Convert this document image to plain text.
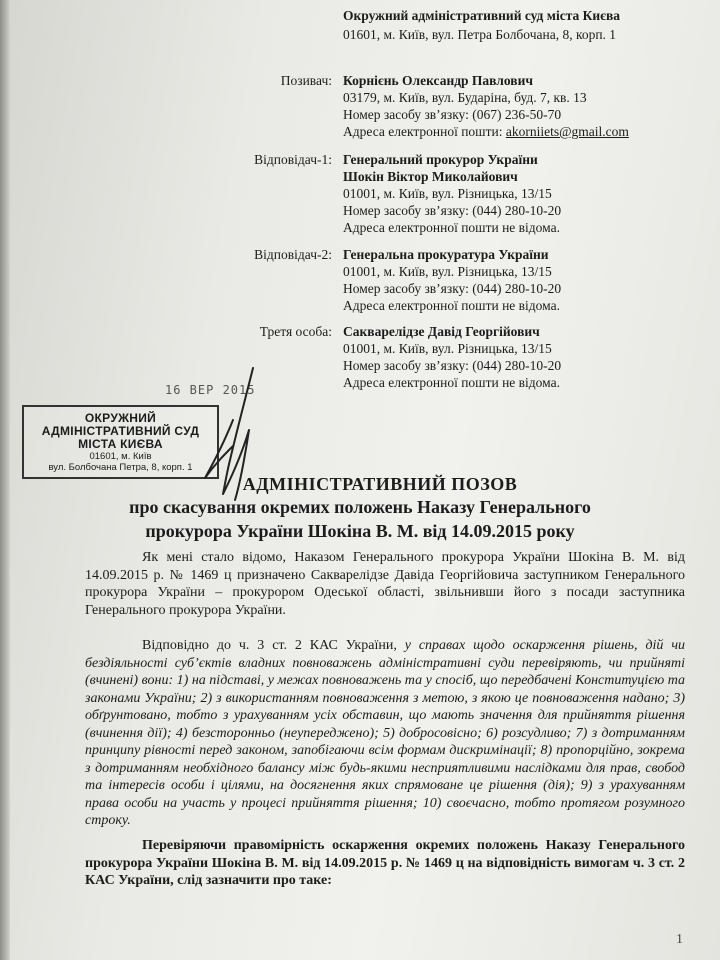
Окружний адміністративний суд міста Києва
01601, м. Київ, вул. Петра Болбочана, 8, корп. 1
Позивач: Корнієнь Олександр Павлович
03179, м. Київ, вул. Бударіна, буд. 7, кв. 13
Номер засобу зв’язку: (067) 236-50-70
Адреса електронної пошти: akorniiets@gmail.com
Відповідач-1: Генеральний прокурор України
Шокін Віктор Миколайович
01001, м. Київ, вул. Різницька, 13/15
Номер засобу зв’язку: (044) 280-10-20
Адреса електронної пошти не відома.
Відповідач-2: Генеральна прокуратура України
01001, м. Київ, вул. Різницька, 13/15
Номер засобу зв’язку: (044) 280-10-20
Адреса електронної пошти не відома.
Третя особа: Сакварелідзе Давід Георгійович
01001, м. Київ, вул. Різницька, 13/15
Номер засобу зв’язку: (044) 280-10-20
Адреса електронної пошти не відома.
16 ВЕР 2015
ОКРУЖНИЙ
АДМІНІСТРАТИВНИЙ СУД
МІСТА КИЄВА
01601, м. Київ
вул. Болбочана Петра, 8, корп. 1
АДМІНІСТРАТИВНИЙ ПОЗОВ
про скасування окремих положень Наказу Генерального
прокурора України Шокіна В. М. від 14.09.2015 року
Як мені стало відомо, Наказом Генерального прокурора України Шокіна В. М. від 14.09.2015 р. № 1469 ц призначено Сакварелідзе Давіда Георгійовича заступником Генерального прокурора України – прокурором Одеської області, звільнивши його з посади заступника Генерального прокурора України.
Відповідно до ч. 3 ст. 2 КАС України, у справах щодо оскарження рішень, дій чи бездіяльності суб’єктів владних повноважень адміністративні суди перевіряють, чи прийняті (вчинені) вони: 1) на підставі, у межах повноважень та у спосіб, що передбачені Конституцією та законами України; 2) з використанням повноваження з метою, з якою це повноваження надано; 3) обґрунтовано, тобто з урахуванням усіх обставин, що мають значення для прийняття рішення (вчинення дії); 4) безсторонньо (неупереджено); 5) добросовісно; 6) розсудливо; 7) з дотриманням принципу рівності перед законом, запобігаючи всім формам дискримінації; 8) пропорційно, зокрема з дотриманням необхідного балансу між будь-якими несприятливими наслідками для прав, свобод та інтересів особи і цілями, на досягнення яких спрямоване це рішення (дія); 9) з урахуванням права особи на участь у процесі прийняття рішення; 10) своєчасно, тобто протягом розумного строку.
Перевіряючи правомірність оскарження окремих положень Наказу Генерального прокурора України Шокіна В. М. від 14.09.2015 р. № 1469 ц на відповідність вимогам ч. 3 ст. 2 КАС України, слід зазначити про таке:
1
